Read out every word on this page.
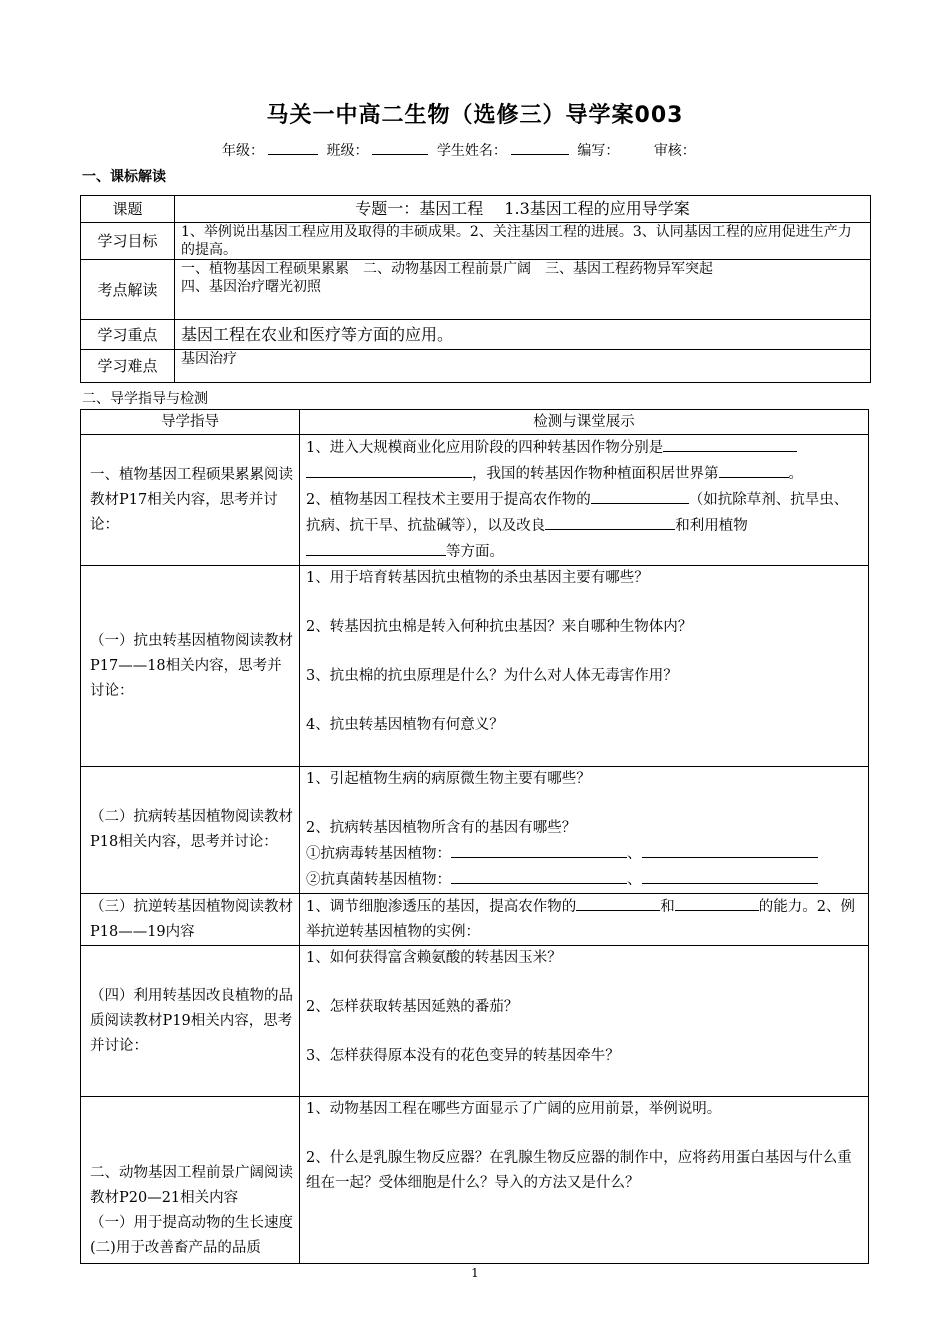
马关一中高二生物（选修三）导学案003
年级：	班级：	学生姓名：	编写： 审核：
一、课标解读
课题	专题一：基因工程　 1.3基因工程的应用导学案
学习目标	1、举例说出基因工程应用及取得的丰硕成果。2、关注基因工程的进展。3、认同基因工程的应用促进生产力的提高。
考点解读	一、植物基因工程硕果累累　二、动物基因工程前景广阔　三、基因工程药物异军突起
四、基因治疗曙光初照

学习重点	基因工程在农业和医疗等方面的应用。
学习难点	基因治疗
二、导学指导与检测
导学指导	检测与课堂展示
一、植物基因工程硕果累累阅读教材P17相关内容，思考并讨论：	1、进入大规模商业化应用阶段的四种转基因作物分别是
，我国的转基因作物种植面积居世界第 。
2、植物基因工程技术主要用于提高农作物的 （如抗除草剂、抗旱虫、抗病、抗干旱、抗盐碱等），以及改良 和利用植物
等方面。
（一）抗虫转基因植物阅读教材P17——18相关内容，思考并讨论：	1、用于培育转基因抗虫植物的杀虫基因主要有哪些？
2、转基因抗虫棉是转入何种抗虫基因？来自哪种生物体内？
3、抗虫棉的抗虫原理是什么？为什么对人体无毒害作用？
4、抗虫转基因植物有何意义？

（二）抗病转基因植物阅读教材P18相关内容，思考并讨论：	1、引起植物生病的病原微生物主要有哪些？
2、抗病转基因植物所含有的基因有哪些？
①抗病毒转基因植物： 、
②抗真菌转基因植物： 、
（三）抗逆转基因植物阅读教材P18——19内容	1、调节细胞渗透压的基因，提高农作物的 和 的能力。2、例举抗逆转基因植物的实例：
（四）利用转基因改良植物的品质阅读教材P19相关内容，思考并讨论：	1、如何获得富含赖氨酸的转基因玉米？
2、怎样获取转基因延熟的番茄？
3、怎样获得原本没有的花色变异的转基因牵牛？

二、动物基因工程前景广阔阅读教材P20—21相关内容
（一）用于提高动物的生长速度
(二)用于改善畜产品的品质	1、动物基因工程在哪些方面显示了广阔的应用前景，举例说明。
2、什么是乳腺生物反应器？在乳腺生物反应器的制作中，应将药用蛋白基因与什么重组在一起？受体细胞是什么？导入的方法又是什么？
1
